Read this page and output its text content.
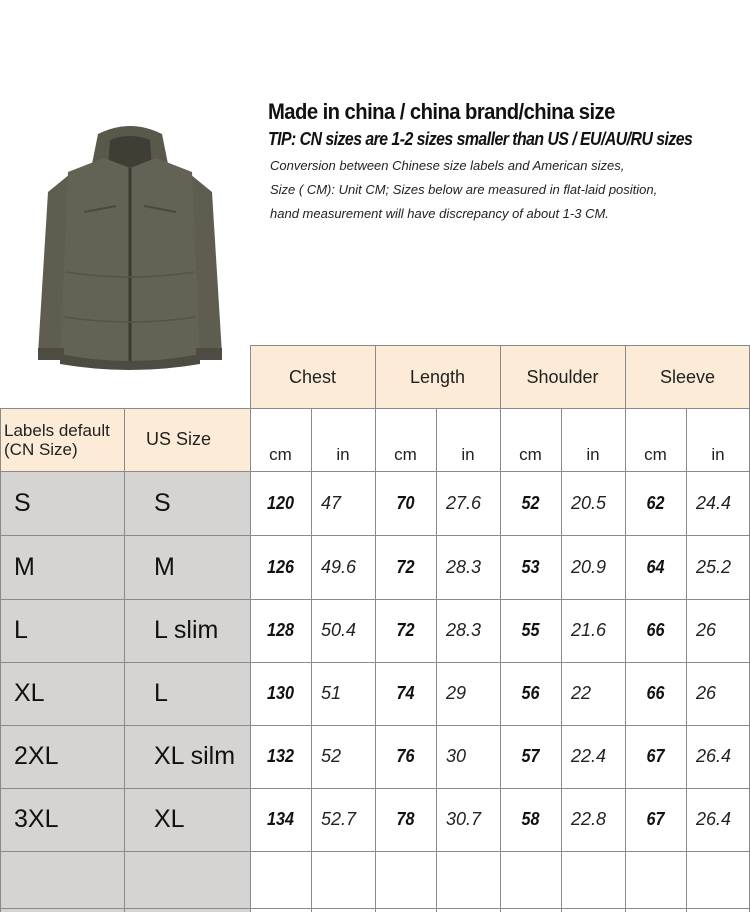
Made in china / china brand/china size
TIP: CN sizes are 1-2 sizes smaller than US / EU/AU/RU sizes
Conversion between Chinese size labels and American sizes,
Size ( CM): Unit CM; Sizes below are measured in flat-laid position,
hand measurement will have discrepancy of about 1-3 CM.
Labels default (CN Size)	US Size
Chest
cm	in
Length
cm	in
Shoulder
cm	in
Sleeve
cm	in
S	S	120	47	70	27.6	52	20.5	62	24.4
M	M	126	49.6	72	28.3	53	20.9	64	25.2
L	L slim	128	50.4	72	28.3	55	21.6	66	26
XL	L	130	51	74	29	56	22	66	26
2XL	XL silm	132	52	76	30	57	22.4	67	26.4
3XL	XL	134	52.7	78	30.7	58	22.8	67	26.4
